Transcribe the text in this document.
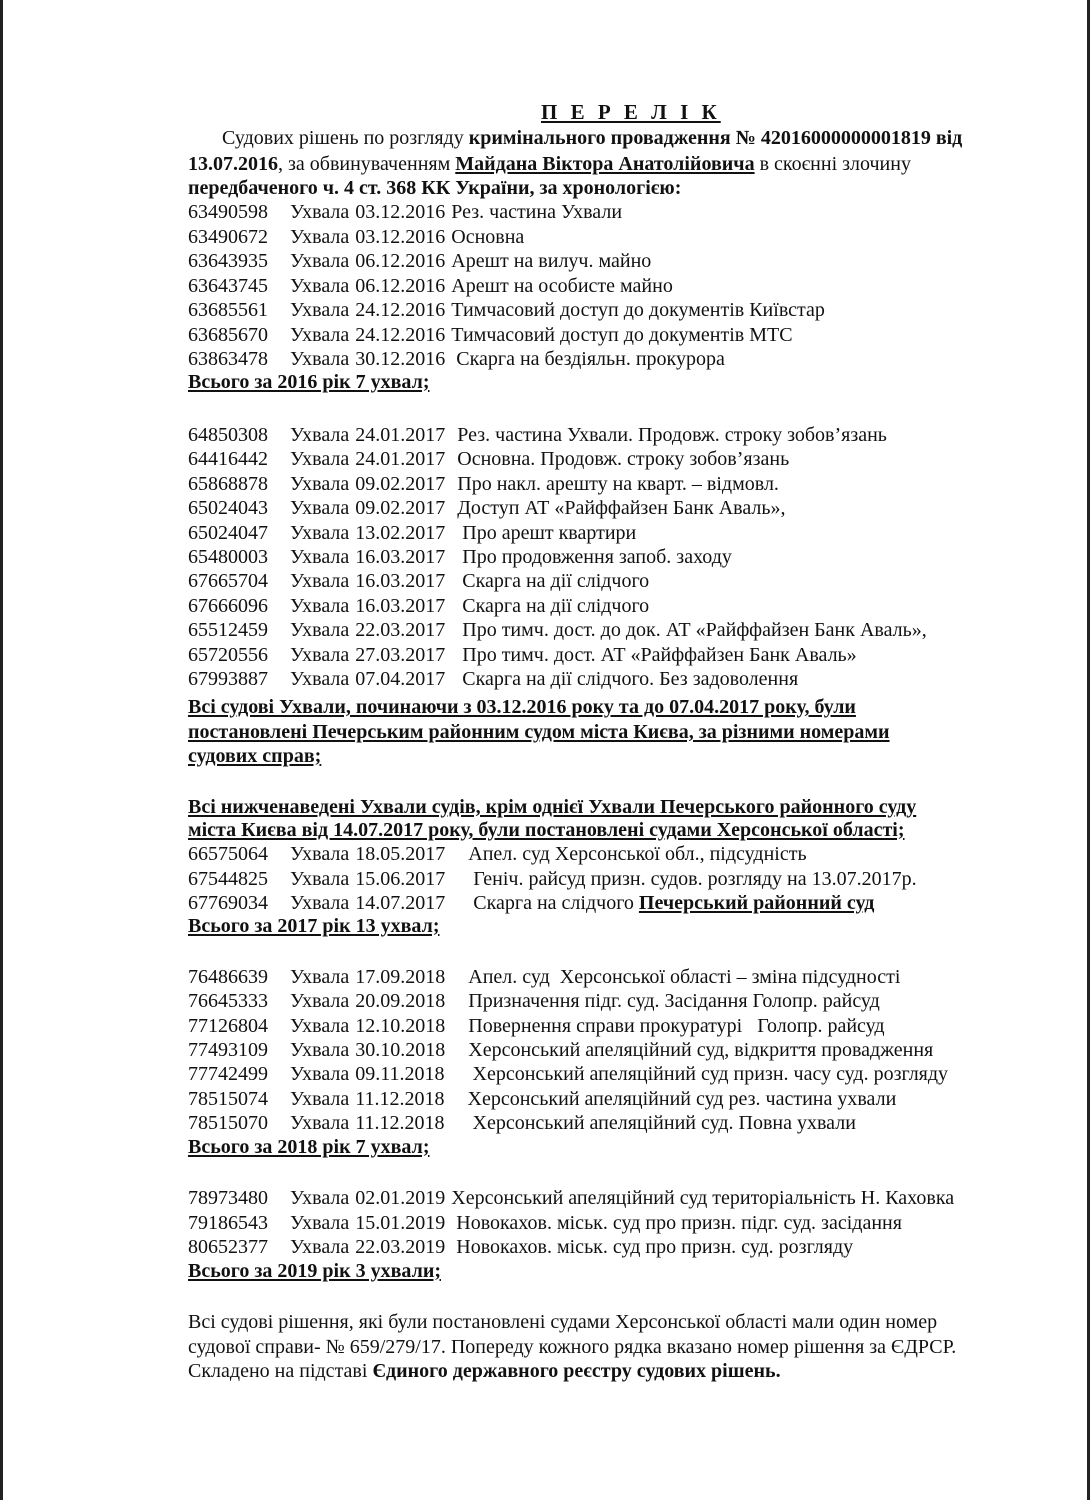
П Е Р Е Л І К
Судових рішень по розгляду кримінального провадження № 42016000000001819 від
13.07.2016, за обвинуваченням Майдана Віктора Анатолійовича в скоєнні злочину
передбаченого ч. 4 ст. 368 КК України, за хронологією:
63490598 Ухвала 03.12.2016 Рез. частина Ухвали
63490672 Ухвала 03.12.2016 Основна
63643935 Ухвала 06.12.2016 Арешт на вилуч. майно
63643745 Ухвала 06.12.2016 Арешт на особисте майно
63685561 Ухвала 24.12.2016 Тимчасовий доступ до документів Київстар
63685670 Ухвала 24.12.2016 Тимчасовий доступ до документів МТС
63863478 Ухвала 30.12.2016 Скарга на бездіяльн. прокурора
Всього за 2016 рік 7 ухвал;
64850308 Ухвала 24.01.2017 Рез. частина Ухвали. Продовж. строку зобов’язань
64416442 Ухвала 24.01.2017 Основна. Продовж. строку зобов’язань
65868878 Ухвала 09.02.2017 Про накл. арешту на кварт. – відмовл.
65024043 Ухвала 09.02.2017 Доступ АТ «Райффайзен Банк Аваль»,
65024047 Ухвала 13.02.2017 Про арешт квартири
65480003 Ухвала 16.03.2017 Про продовження запоб. заходу
67665704 Ухвала 16.03.2017 Скарга на дії слідчого
67666096 Ухвала 16.03.2017 Скарга на дії слідчого
65512459 Ухвала 22.03.2017 Про тимч. дост. до док. АТ «Райффайзен Банк Аваль»,
65720556 Ухвала 27.03.2017 Про тимч. дост. АТ «Райффайзен Банк Аваль»
67993887 Ухвала 07.04.2017 Скарга на дії слідчого. Без задоволення
Всі судові Ухвали, починаючи з 03.12.2016 року та до 07.04.2017 року, були
постановлені Печерським районним судом міста Києва, за різними номерами
судових справ;
Всі нижченаведені Ухвали судів, крім однієї Ухвали Печерського районного суду
міста Києва від 14.07.2017 року, були постановлені судами Херсонської області;
66575064 Ухвала 18.05.2017 Апел. суд Херсонської обл., підсудність
67544825 Ухвала 15.06.2017  Геніч. райсуд призн. судов. розгляду на 13.07.2017р.
67769034 Ухвала 14.07.2017  Скарга на слідчого Печерський районний суд
Всього за 2017 рік 13 ухвал;
76486639 Ухвала 17.09.2018 Апел. суд  Херсонської області – зміна підсудності
76645333 Ухвала 20.09.2018 Призначення підг. суд. Засідання Голопр. райсуд
77126804 Ухвала 12.10.2018 Повернення справи прокуратурі   Голопр. райсуд
77493109 Ухвала 30.10.2018 Херсонський апеляційний суд, відкриття провадження
77742499 Ухвала 09.11.2018  Херсонський апеляційний суд призн. часу суд. розгляду
78515074 Ухвала 11.12.2018 Херсонський апеляційний суд рез. частина ухвали
78515070 Ухвала 11.12.2018  Херсонський апеляційний суд. Повна ухвали
Всього за 2018 рік 7 ухвал;
78973480 Ухвала 02.01.2019 Херсонський апеляційний суд територіальність Н. Каховка
79186543 Ухвала 15.01.2019 Новокахов. міськ. суд про призн. підг. суд. засідання
80652377 Ухвала 22.03.2019 Новокахов. міськ. суд про призн. суд. розгляду
Всього за 2019 рік 3 ухвали;
Всі судові рішення, які були постановлені судами Херсонської області мали один номер
судової справи- № 659/279/17. Попереду кожного рядка вказано номер рішення за ЄДРСР.
Складено на підставі Єдиного державного реєстру судових рішень.
